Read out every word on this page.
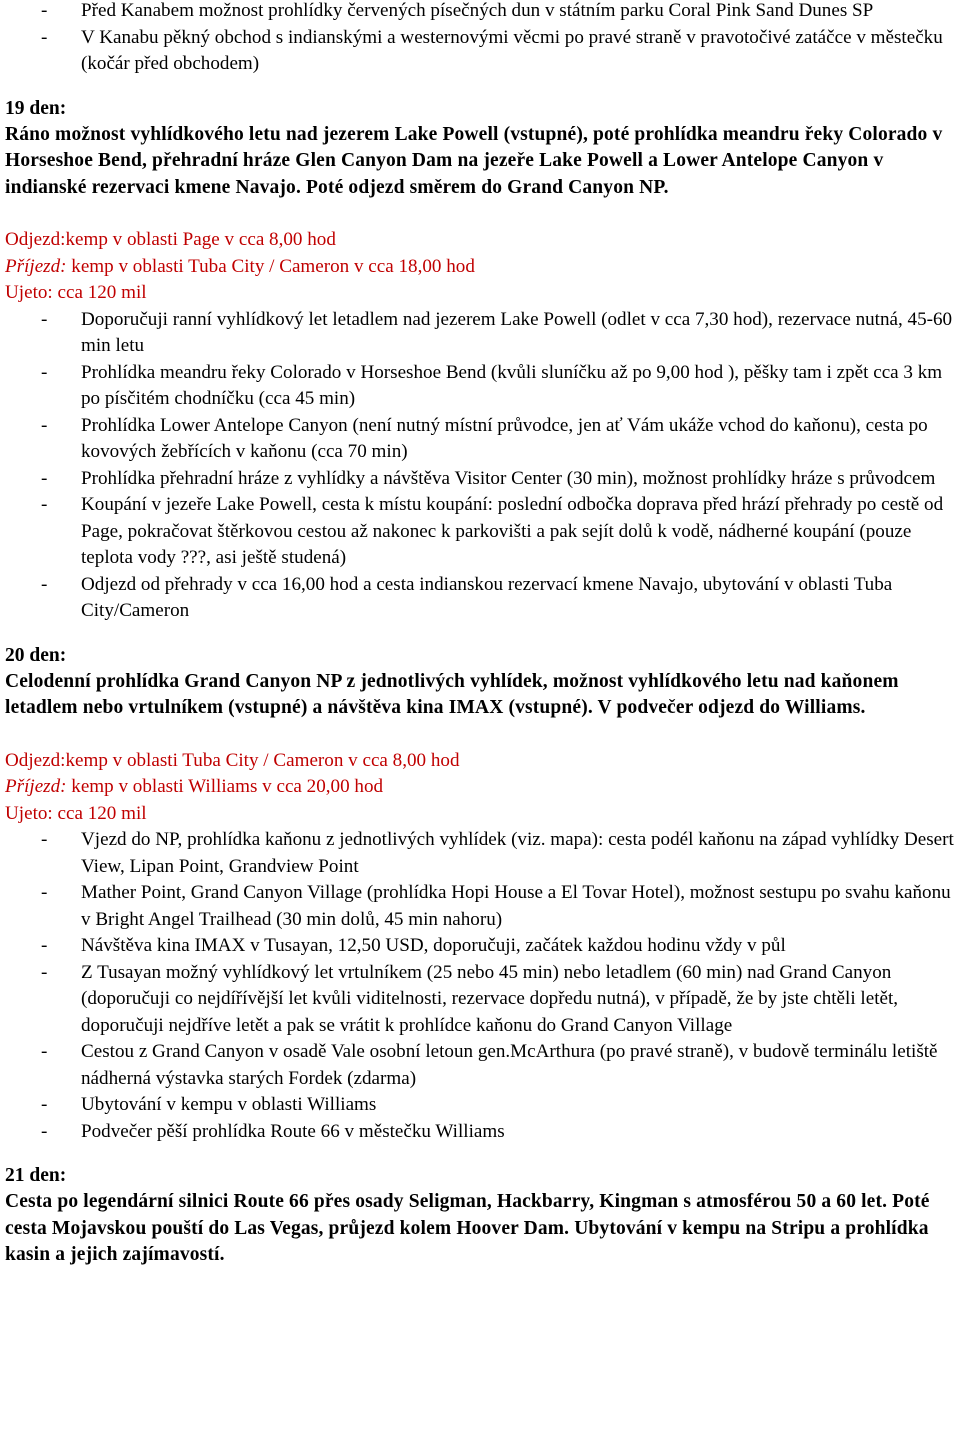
- Před Kanabem možnost prohlídky červených písečných dun v státním parku Coral Pink Sand Dunes SP
- V Kanabu pěkný obchod s indianskými a westernovými věcmi po pravé straně v pravotočivé zatáčce v městečku (kočár před obchodem)

19 den:

Ráno možnost vyhlídkového letu nad jezerem Lake Powell (vstupné), poté prohlídka meandru řeky Colorado v Horseshoe Bend, přehradní hráze Glen Canyon Dam na jezeře Lake Powell a Lower Antelope Canyon v indianské rezervaci kmene Navajo. Poté odjezd směrem do Grand Canyon NP.

Odjezd:kemp v oblasti Page v cca 8,00 hod

Příjezd: kemp v oblasti Tuba City / Cameron v cca 18,00 hod

Ujeto: cca 120 mil

- Doporučuji ranní vyhlídkový let letadlem nad jezerem Lake Powell (odlet v cca 7,30 hod), rezervace nutná, 45-60 min letu
- Prohlídka meandru řeky Colorado v Horseshoe Bend (kvůli sluníčku až po 9,00 hod ), pěšky tam i zpět cca 3 km po písčitém chodníčku (cca 45 min)
- Prohlídka Lower Antelope Canyon (není nutný místní průvodce, jen ať Vám ukáže vchod do kaňonu), cesta po kovových žebřících v kaňonu (cca 70 min)
- Prohlídka přehradní hráze z vyhlídky a návštěva Visitor Center (30 min), možnost prohlídky hráze s průvodcem
- Koupání v jezeře Lake Powell, cesta k místu koupání: poslední odbočka doprava před hrází přehrady po cestě od Page, pokračovat štěrkovou cestou až nakonec k parkovišti a pak sejít dolů k vodě, nádherné koupání (pouze teplota vody ???, asi ještě studená)
- Odjezd od přehrady v cca 16,00 hod a cesta indianskou rezervací kmene Navajo, ubytování v oblasti Tuba City/Cameron

20 den:

Celodenní prohlídka Grand Canyon NP z jednotlivých vyhlídek, možnost vyhlídkového letu nad kaňonem letadlem nebo vrtulníkem (vstupné) a návštěva kina IMAX (vstupné). V podvečer odjezd do Williams.

Odjezd:kemp v oblasti Tuba City / Cameron v cca 8,00 hod

Příjezd: kemp v oblasti Williams v cca 20,00 hod

Ujeto: cca 120 mil

- Vjezd do NP, prohlídka kaňonu z jednotlivých vyhlídek (viz. mapa): cesta podél kaňonu na západ vyhlídky Desert View, Lipan Point, Grandview Point
- Mather Point, Grand Canyon Village (prohlídka Hopi House a El Tovar Hotel), možnost sestupu po svahu kaňonu v Bright Angel Trailhead (30 min dolů, 45 min nahoru)
- Návštěva kina IMAX v Tusayan, 12,50 USD, doporučuji, začátek každou hodinu vždy v půl
- Z Tusayan možný vyhlídkový let vrtulníkem (25 nebo 45 min) nebo letadlem (60 min) nad Grand Canyon (doporučuji co nejdířívější let kvůli viditelnosti, rezervace dopředu nutná), v případě, že by jste chtěli letět, doporučuji nejdříve letět a pak se vrátit k prohlídce kaňonu do Grand Canyon Village
- Cestou z Grand Canyon v osadě Vale osobní letoun gen.McArthura (po pravé straně), v budově terminálu letiště nádherná výstavka starých Fordek (zdarma)
- Ubytování v kempu v oblasti Williams
- Podvečer pěší prohlídka Route 66 v městečku Williams

21 den:

Cesta po legendární silnici Route 66 přes osady Seligman, Hackbarry, Kingman s atmosférou 50 a 60 let. Poté cesta Mojavskou pouští do Las Vegas, průjezd kolem Hoover Dam. Ubytování v kempu na Stripu a prohlídka kasin a jejich zajímavostí.
